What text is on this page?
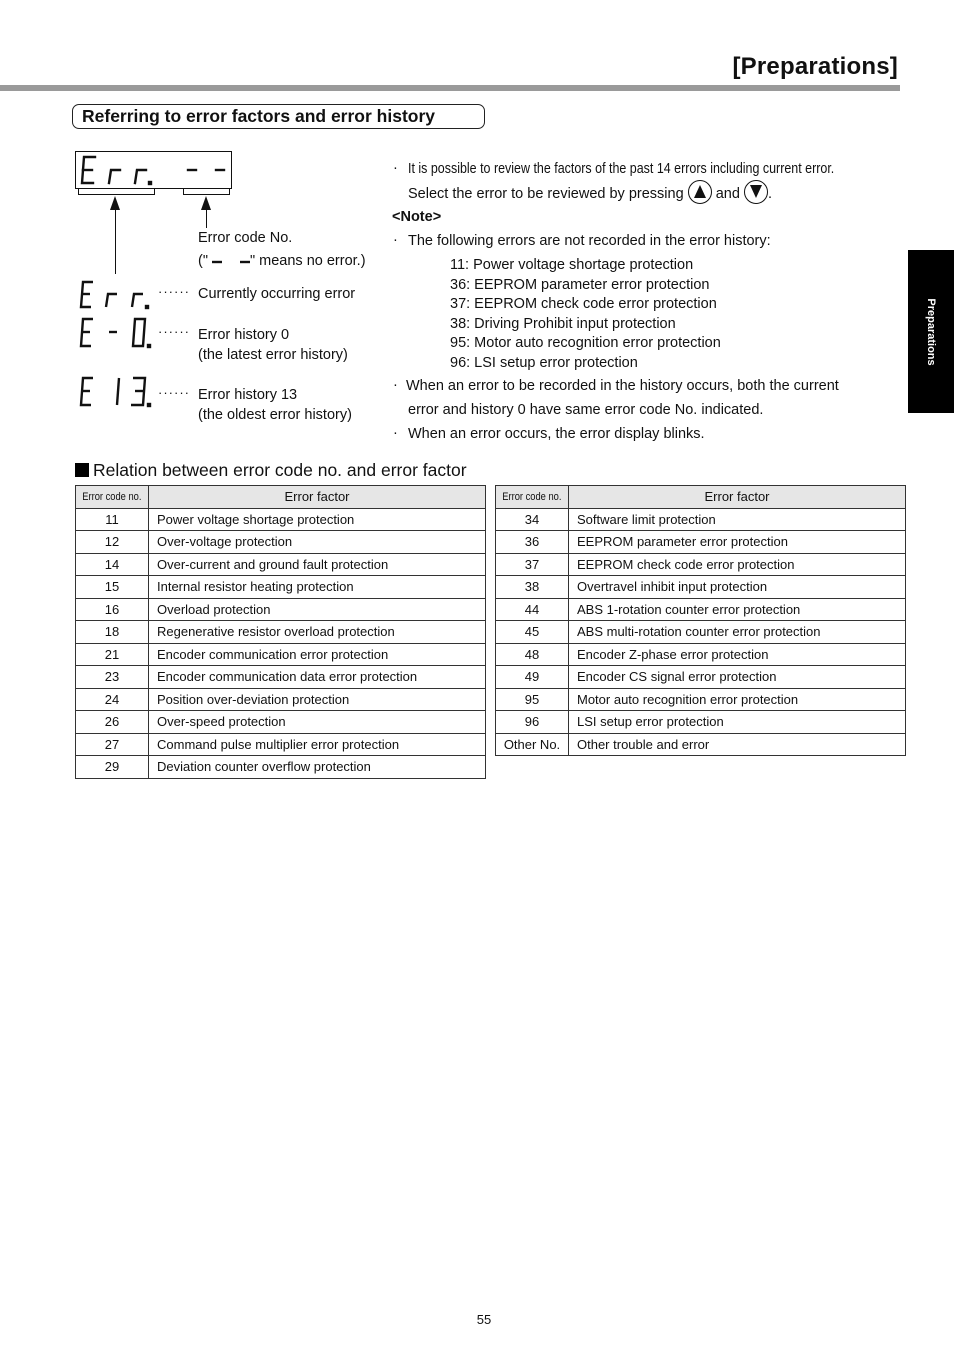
[Preparations]
Preparations
Referring to error factors and error history
Error code No.
("	" means no error.)
······ Currently occurring error
······ Error history 0
(the latest error history)
······ Error history 13
(the oldest error history)
· It is possible to review the factors of the past 14 errors including current error.
Select the error to be reviewed by pressing and .
<Note>
· The following errors are not recorded in the error history:
11: Power voltage shortage protection
36: EEPROM parameter error protection
37: EEPROM check code error protection
38: Driving Prohibit input protection
95: Motor auto recognition error protection
96: LSI setup error protection
· When an error to be recorded in the history occurs, both the current
error and history 0 have same error code No. indicated.
· When an error occurs, the error display blinks.
Relation between error code no. and error factor
Error code no.	Error factor
11	Power voltage shortage protection
12	Over-voltage protection
14	Over-current and ground fault protection
15	Internal resistor heating protection
16	Overload protection
18	Regenerative resistor overload protection
21	Encoder communication error protection
23	Encoder communication data error protection
24	Position over-deviation protection
26	Over-speed protection
27	Command pulse multiplier error protection
29	Deviation counter overflow protection
Error code no.	Error factor
34	Software limit protection
36	EEPROM parameter error protection
37	EEPROM check code error protection
38	Overtravel inhibit input protection
44	ABS 1-rotation counter error protection
45	ABS multi-rotation counter error protection
48	Encoder Z-phase error protection
49	Encoder CS signal error protection
95	Motor auto recognition error protection
96	LSI setup error protection
Other No.	Other trouble and error
55
